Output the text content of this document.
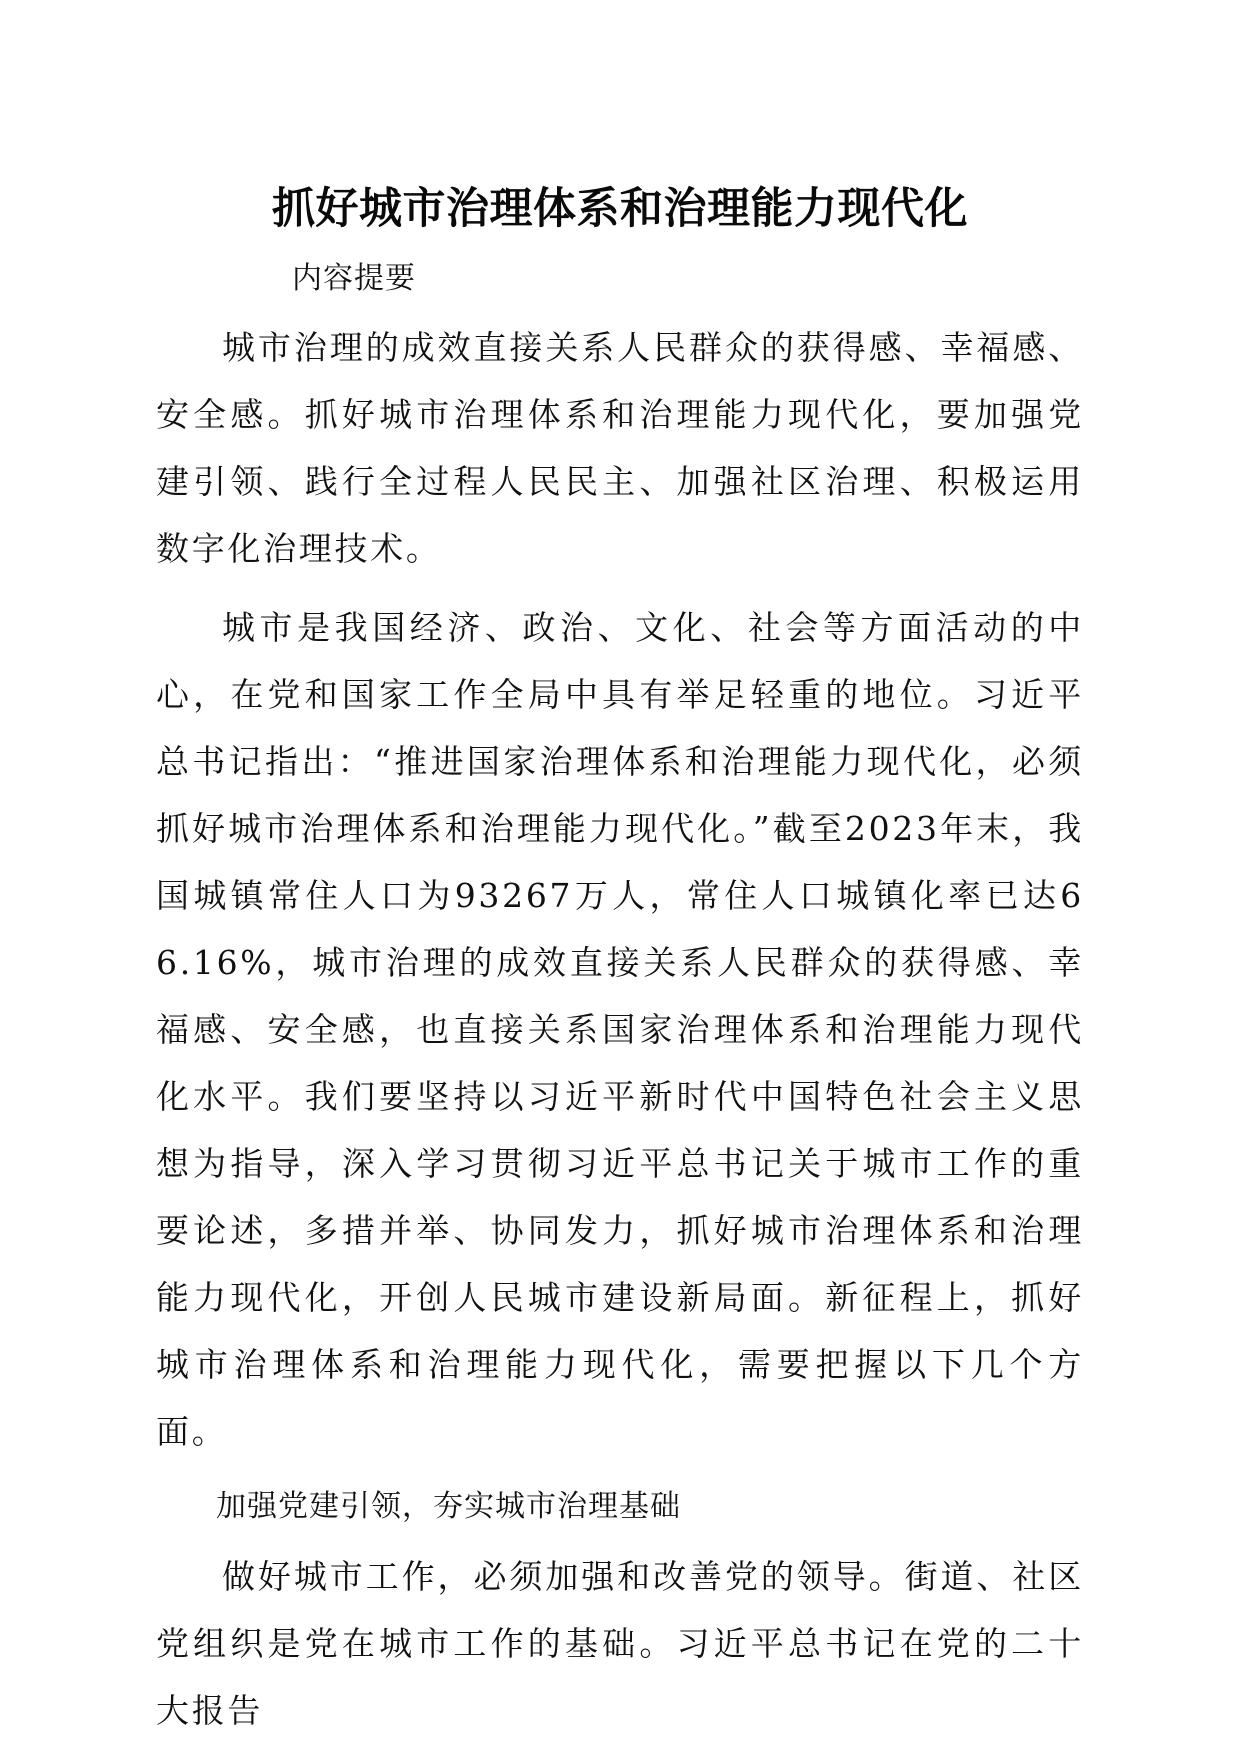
抓好城市治理体系和治理能力现代化
内容提要

城市治理的成效直接关系人民群众的获得感、幸福感、安全感。抓好城市治理体系和治理能力现代化，要加强党建引领、践行全过程人民民主、加强社区治理、积极运用数字化治理技术。

城市是我国经济、政治、文化、社会等方面活动的中心，在党和国家工作全局中具有举足轻重的地位。习近平总书记指出：“推进国家治理体系和治理能力现代化，必须抓好城市治理体系和治理能力现代化。”截至2023年末，我国城镇常住人口为93267万人，常住人口城镇化率已达66.16%，城市治理的成效直接关系人民群众的获得感、幸福感、安全感，也直接关系国家治理体系和治理能力现代化水平。我们要坚持以习近平新时代中国特色社会主义思想为指导，深入学习贯彻习近平总书记关于城市工作的重要论述，多措并举、协同发力，抓好城市治理体系和治理能力现代化，开创人民城市建设新局面。新征程上，抓好城市治理体系和治理能力现代化，需要把握以下几个方面。

加强党建引领，夯实城市治理基础

做好城市工作，必须加强和改善党的领导。街道、社区党组织是党在城市工作的基础。习近平总书记在党的二十大报告
